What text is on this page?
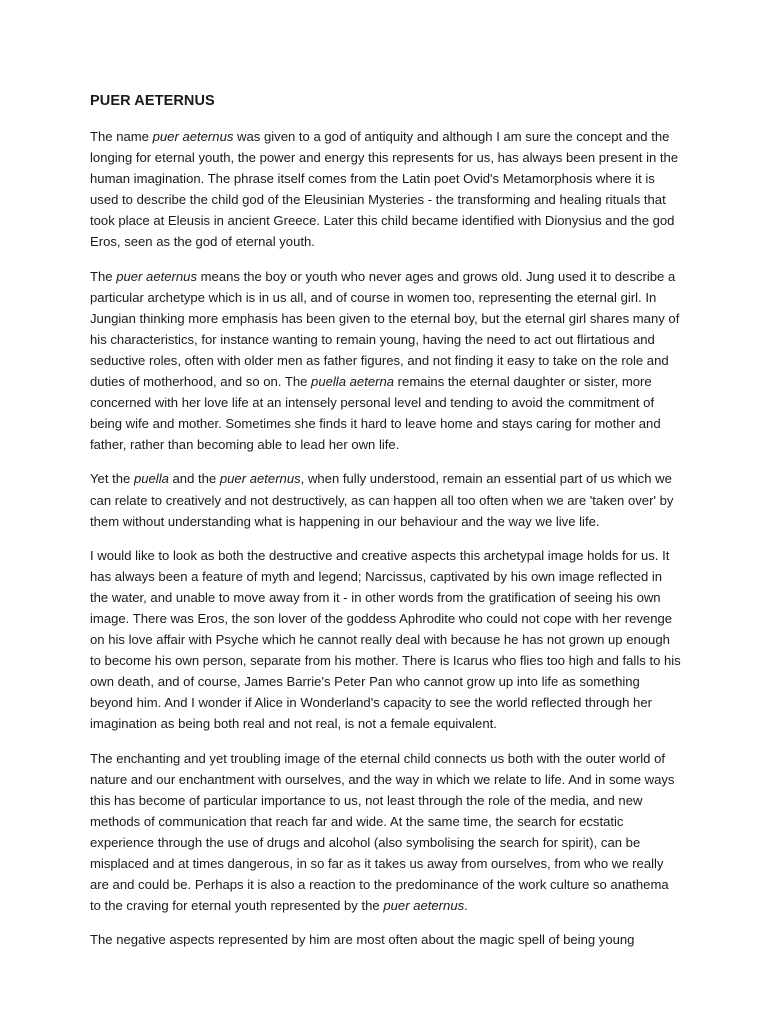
PUER AETERNUS

The name puer aeternus was given to a god of antiquity and although I am sure the concept and the longing for eternal youth, the power and energy this represents for us, has always been present in the human imagination. The phrase itself comes from the Latin poet Ovid's Metamorphosis where it is used to describe the child god of the Eleusinian Mysteries - the transforming and healing rituals that took place at Eleusis in ancient Greece. Later this child became identified with Dionysius and the god Eros, seen as the god of eternal youth.

The puer aeternus means the boy or youth who never ages and grows old. Jung used it to describe a particular archetype which is in us all, and of course in women too, representing the eternal girl. In Jungian thinking more emphasis has been given to the eternal boy, but the eternal girl shares many of his characteristics, for instance wanting to remain young, having the need to act out flirtatious and seductive roles, often with older men as father figures, and not finding it easy to take on the role and duties of motherhood, and so on. The puella aeterna remains the eternal daughter or sister, more concerned with her love life at an intensely personal level and tending to avoid the commitment of being wife and mother. Sometimes she finds it hard to leave home and stays caring for mother and father, rather than becoming able to lead her own life.

Yet the puella and the puer aeternus, when fully understood, remain an essential part of us which we can relate to creatively and not destructively, as can happen all too often when we are 'taken over' by them without understanding what is happening in our behaviour and the way we live life.

I would like to look as both the destructive and creative aspects this archetypal image holds for us. It has always been a feature of myth and legend; Narcissus, captivated by his own image reflected in the water, and unable to move away from it - in other words from the gratification of seeing his own image. There was Eros, the son lover of the goddess Aphrodite who could not cope with her revenge on his love affair with Psyche which he cannot really deal with because he has not grown up enough to become his own person, separate from his mother. There is Icarus who flies too high and falls to his own death, and of course, James Barrie's Peter Pan who cannot grow up into life as something beyond him. And I wonder if Alice in Wonderland's capacity to see the world reflected through her imagination as being both real and not real, is not a female equivalent.

The enchanting and yet troubling image of the eternal child connects us both with the outer world of nature and our enchantment with ourselves, and the way in which we relate to life. And in some ways this has become of particular importance to us, not least through the role of the media, and new methods of communication that reach far and wide. At the same time, the search for ecstatic experience through the use of drugs and alcohol (also symbolising the search for spirit), can be misplaced and at times dangerous, in so far as it takes us away from ourselves, from who we really are and could be. Perhaps it is also a reaction to the predominance of the work culture so anathema to the craving for eternal youth represented by the puer aeternus.

The negative aspects represented by him are most often about the magic spell of being young
